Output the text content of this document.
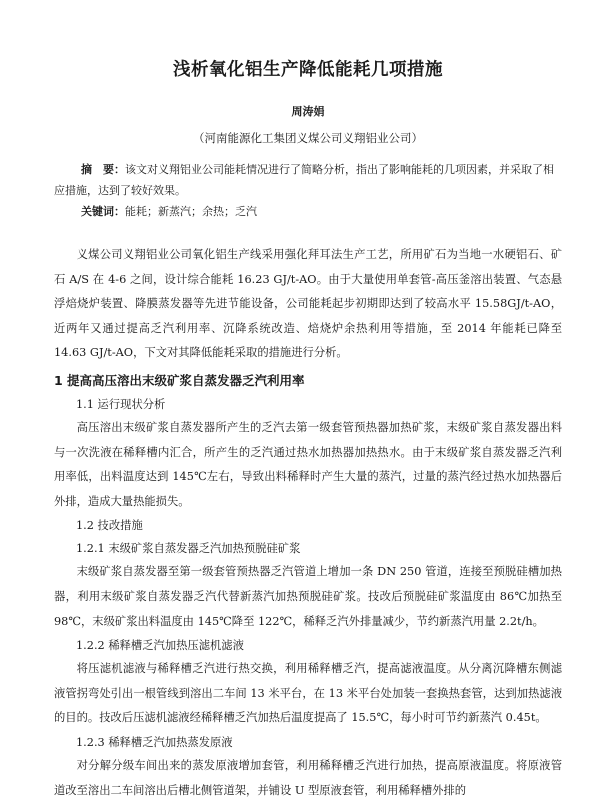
浅析氧化铝生产降低能耗几项措施
周涛娟
（河南能源化工集团义煤公司义翔铝业公司）
摘　要：该文对义翔铝业公司能耗情况进行了简略分析，指出了影响能耗的几项因素，并采取了相应措施，达到了较好效果。
关键词：能耗；新蒸汽；余热；乏汽

义煤公司义翔铝业公司氧化铝生产线采用强化拜耳法生产工艺，所用矿石为当地一水硬铝石、矿石 A/S 在 4-6 之间，设计综合能耗 16.23 GJ/t-AO。由于大量使用单套管-高压釜溶出装置、气态悬浮焙烧炉装置、降膜蒸发器等先进节能设备，公司能耗起步初期即达到了较高水平 15.58GJ/t-AO，近两年又通过提高乏汽利用率、沉降系统改造、焙烧炉余热利用等措施，至 2014 年能耗已降至 14.63 GJ/t-AO，下文对其降低能耗采取的措施进行分析。

1 提高高压溶出末级矿浆自蒸发器乏汽利用率
1.1 运行现状分析

高压溶出末级矿浆自蒸发器所产生的乏汽去第一级套管预热器加热矿浆，末级矿浆自蒸发器出料与一次洗液在稀释槽内汇合，所产生的乏汽通过热水加热器加热热水。由于末级矿浆自蒸发器乏汽利用率低，出料温度达到 145℃左右，导致出料稀释时产生大量的蒸汽，过量的蒸汽经过热水加热器后外排，造成大量热能损失。

1.2 技改措施
1.2.1 末级矿浆自蒸发器乏汽加热预脱硅矿浆

末级矿浆自蒸发器至第一级套管预热器乏汽管道上增加一条 DN 250 管道，连接至预脱硅槽加热器，利用末级矿浆自蒸发器乏汽代替新蒸汽加热预脱硅矿浆。技改后预脱硅矿浆温度由 86℃加热至 98℃，末级矿浆出料温度由 145℃降至 122℃，稀释乏汽外排量减少，节约新蒸汽用量 2.2t/h。

1.2.2 稀释槽乏汽加热压滤机滤液

将压滤机滤液与稀释槽乏汽进行热交换，利用稀释槽乏汽，提高滤液温度。从分离沉降槽东侧滤液管拐弯处引出一根管线到溶出二车间 13 米平台，在 13 米平台处加装一套换热套管，达到加热滤液的目的。技改后压滤机滤液经稀释槽乏汽加热后温度提高了 15.5℃，每小时可节约新蒸汽 0.45t。

1.2.3 稀释槽乏汽加热蒸发原液

对分解分级车间出来的蒸发原液增加套管，利用稀释槽乏汽进行加热，提高原液温度。将原液管道改至溶出二车间溶出后槽北侧管道架，并铺设 U 型原液套管，利用稀释槽外排的
